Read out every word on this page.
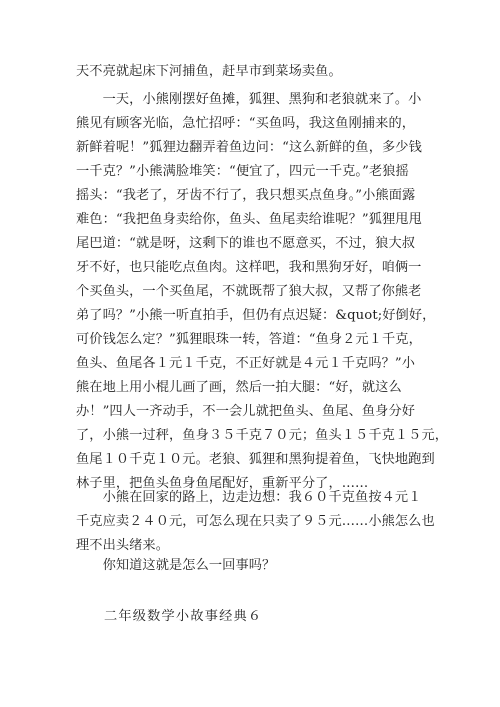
天不亮就起床下河捕鱼，赶早市到菜场卖鱼。
　　一天，小熊刚摆好鱼摊，狐狸、黑狗和老狼就来了。小
熊见有顾客光临，急忙招呼：“买鱼吗，我这鱼刚捕来的，
新鲜着呢！”狐狸边翻弄着鱼边问：“这么新鲜的鱼，多少钱
一千克？”小熊满脸堆笑：“便宜了，四元一千克。”老狼摇
摇头：“我老了，牙齿不行了，我只想买点鱼身。”小熊面露
难色：“我把鱼身卖给你，鱼头、鱼尾卖给谁呢？”狐狸甩甩
尾巴道：“就是呀，这剩下的谁也不愿意买，不过，狼大叔
牙不好，也只能吃点鱼肉。这样吧，我和黑狗牙好，咱俩一
个买鱼头，一个买鱼尾，不就既帮了狼大叔，又帮了你熊老
弟了吗？”小熊一听直拍手，但仍有点迟疑：&quot;好倒好，
可价钱怎么定？”狐狸眼珠一转，答道：“鱼身２元１千克，
鱼头、鱼尾各１元１千克，不正好就是４元１千克吗？”小
熊在地上用小棍儿画了画，然后一拍大腿：“好，就这么
办！”四人一齐动手，不一会儿就把鱼头、鱼尾、鱼身分好
了，小熊一过秤，鱼身３５千克７０元；鱼头１５千克１５元，
鱼尾１０千克１０元。老狼、狐狸和黑狗提着鱼，飞快地跑到
林子里，把鱼头鱼身鱼尾配好，重新平分了，……
　　小熊在回家的路上，边走边想：我６０千克鱼按４元１
千克应卖２４０元，可怎么现在只卖了９５元……小熊怎么也
理不出头绪来。
　　你知道这就是怎么一回事吗？
二年级数学小故事经典６
